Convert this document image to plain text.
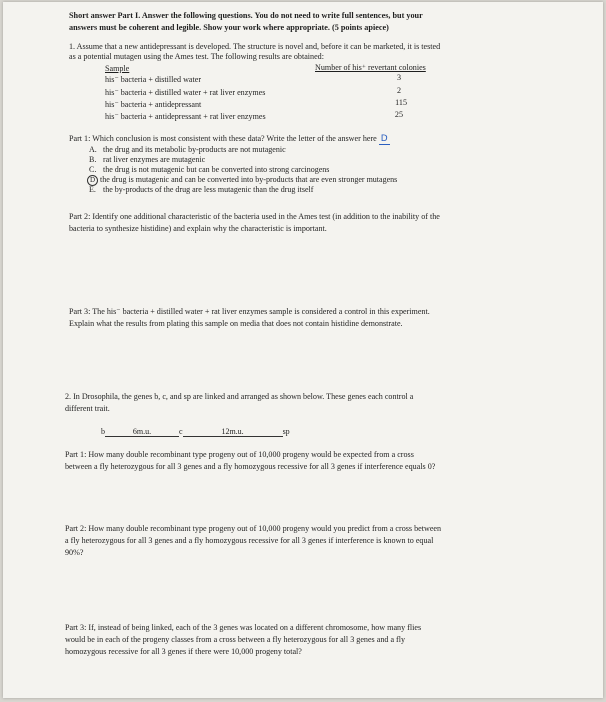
Short answer Part I. Answer the following questions. You do not need to write full sentences, but your
answers must be coherent and legible. Show your work where appropriate. (5 points apiece)
1. Assume that a new antidepressant is developed. The structure is novel and, before it can be marketed, it is tested
as a potential mutagen using the Ames test. The following results are obtained:
Sample	Number of his⁺ revertant colonies
his⁻ bacteria + distilled water	3
his⁻ bacteria + distilled water + rat liver enzymes	2
his⁻ bacteria + antidepressant	115
his⁻ bacteria + antidepressant + rat liver enzymes	25
Part 1: Which conclusion is most consistent with these data? Write the letter of the answer here D
A. the drug and its metabolic by-products are not mutagenic
B. rat liver enzymes are mutagenic
C. the drug is not mutagenic but can be converted into strong carcinogens
D the drug is mutagenic and can be converted into by-products that are even stronger mutagens
E. the by-products of the drug are less mutagenic than the drug itself
Part 2: Identify one additional characteristic of the bacteria used in the Ames test (in addition to the inability of the
bacteria to synthesize histidine) and explain why the characteristic is important.
Part 3: The his⁻ bacteria + distilled water + rat liver enzymes sample is considered a control in this experiment.
Explain what the results from plating this sample on media that does not contain histidine demonstrate.
2. In Drosophila, the genes b, c, and sp are linked and arranged as shown below. These genes each control a
different trait.
b	6m.u.	c	12m.u.	sp
Part 1: How many double recombinant type progeny out of 10,000 progeny would be expected from a cross
between a fly heterozygous for all 3 genes and a fly homozygous recessive for all 3 genes if interference equals 0?
Part 2: How many double recombinant type progeny out of 10,000 progeny would you predict from a cross between
a fly heterozygous for all 3 genes and a fly homozygous recessive for all 3 genes if interference is known to equal
90%?
Part 3: If, instead of being linked, each of the 3 genes was located on a different chromosome, how many flies
would be in each of the progeny classes from a cross between a fly heterozygous for all 3 genes and a fly
homozygous recessive for all 3 genes if there were 10,000 progeny total?
